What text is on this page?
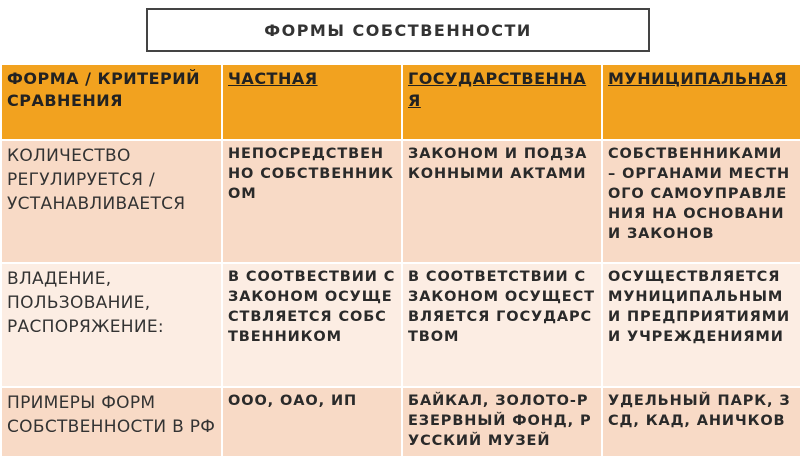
ФОРМЫ СОБСТВЕННОСТИ
ФОРМА / КРИТЕРИЙ СРАВНЕНИЯ	ЧАСТНАЯ	ГОСУДАРСТВЕННАЯ	МУНИЦИПАЛЬНАЯ
КОЛИЧЕСТВО РЕГУЛИРУЕТСЯ / УСТАНАВЛИВАЕТСЯ	НЕПОСРЕДСТВЕННО СОБСТВЕННИКОМ	ЗАКОНОМ И ПОДЗАКОННЫМИ АКТАМИ	СОБСТВЕННИКАМИ – ОРГАНАМИ МЕСТНОГО САМОУПРАВЛЕНИЯ НА ОСНОВАНИИ ЗАКОНОВ
ВЛАДЕНИЕ, ПОЛЬЗОВАНИЕ, РАСПОРЯЖЕНИЕ:	В СООТВЕСТВИИ С ЗАКОНОМ ОСУЩЕСТВЛЯЕТСЯ СОБСТВЕННИКОМ	В СООТВЕТСТВИИ С ЗАКОНОМ ОСУЩЕСТВЛЯЕТСЯ ГОСУДАРСТВОМ	ОСУЩЕСТВЛЯЕТСЯ МУНИЦИПАЛЬНЫМИ ПРЕДПРИЯТИЯМИ И УЧРЕЖДЕНИЯМИ
ПРИМЕРЫ ФОРМ СОБСТВЕННОСТИ В РФ	ООО, ОАО, ИП	БАЙКАЛ, ЗОЛОТО-РЕЗЕРВНЫЙ ФОНД, РУССКИЙ МУЗЕЙ	УДЕЛЬНЫЙ ПАРК, ЗСД, КАД, АНИЧКОВ
